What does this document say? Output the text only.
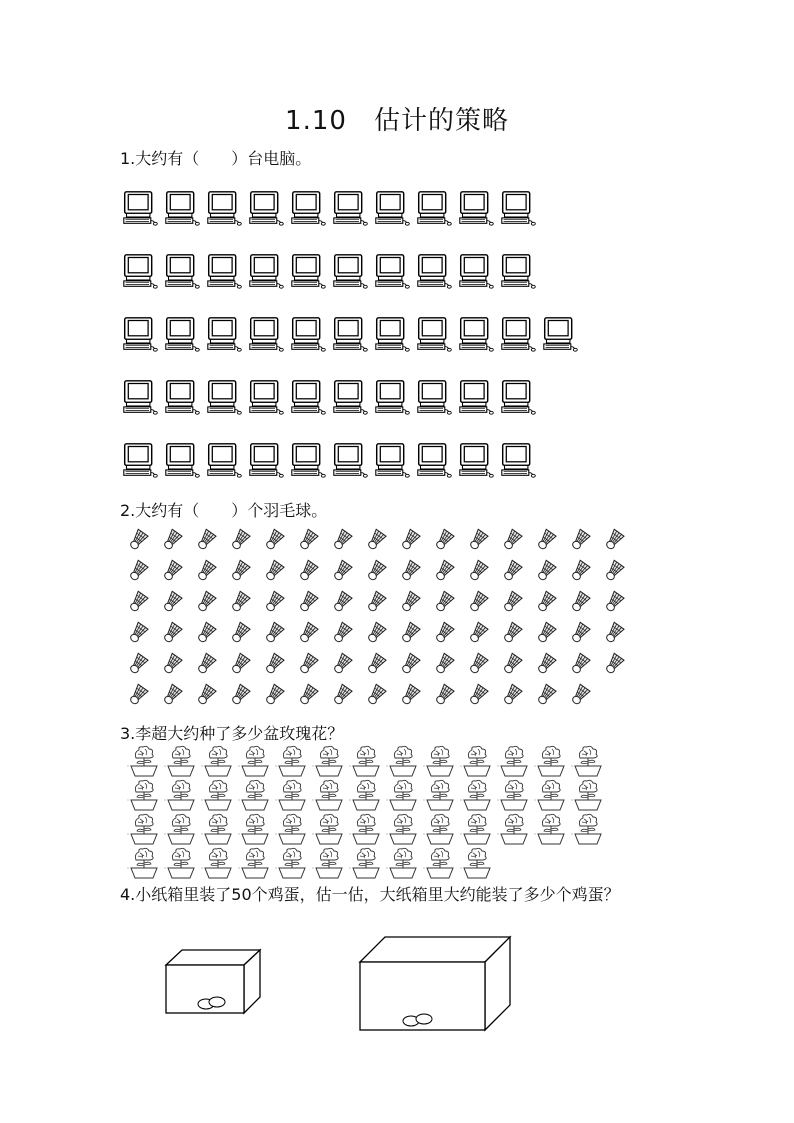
1.10　估计的策略
1.大约有（　　）台电脑。
2.大约有（　　）个羽毛球。
3.李超大约种了多少盆玫瑰花？
4.小纸箱里装了50个鸡蛋，估一估，大纸箱里大约能装了多少个鸡蛋？
